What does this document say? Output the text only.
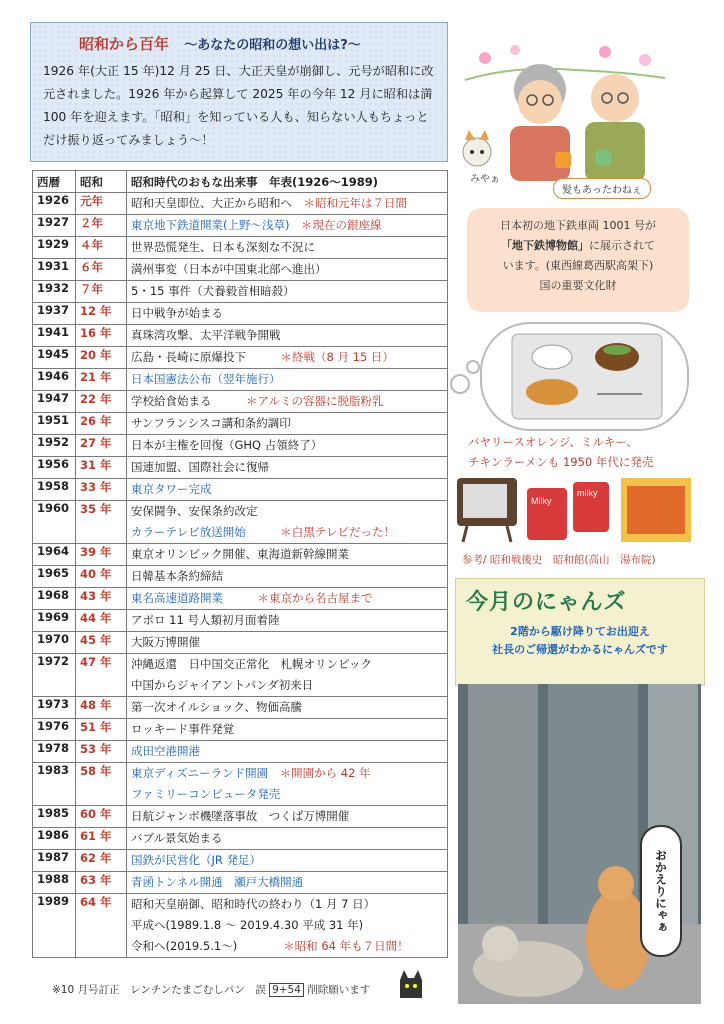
昭和から百年 ～あなたの昭和の想い出は?～
1926 年(大正 15 年)12 月 25 日、大正天皇が崩御し、元号が昭和に改元されました。1926 年から起算して 2025 年の今年 12 月に昭和は満 100 年を迎えます。「昭和」を知っている人も、知らない人もちょっとだけ振り返ってみましょう～！
みやぁ
髪もあったわねぇ
西暦	昭和	昭和時代のおもな出来事　年表(1926～1989)
1926	元年	昭和天皇即位、大正から昭和へ　＊昭和元年は７日間

1927	２年	東京地下鉄道開業(上野～浅草)　＊現在の銀座線

1929	４年	世界恐慌発生、日本も深刻な不況に

1931	６年	満州事変（日本が中国東北部へ進出）

1932	７年	5・15 事件（犬養毅首相暗殺）

1937	12 年	日中戦争が始まる

1941	16 年	真珠湾攻撃、太平洋戦争開戦

1945	20 年	広島・長崎に原爆投下　　　＊終戦（8 月 15 日）

1946	21 年	日本国憲法公布（翌年施行）

1947	22 年	学校給食始まる　　　＊アルミの容器に脱脂粉乳

1951	26 年	サンフランシスコ講和条約調印

1952	27 年	日本が主権を回復（GHQ 占領終了）

1956	31 年	国連加盟、国際社会に復帰

1958	33 年	東京タワー完成

1960	35 年	安保闘争、安保条約改定
カラーテレビ放送開始　　　＊白黒テレビだった！

1964	39 年	東京オリンピック開催、東海道新幹線開業

1965	40 年	日韓基本条約締結

1968	43 年	東名高速道路開業　　　＊東京から名古屋まで

1969	44 年	アポロ 11 号人類初月面着陸

1970	45 年	大阪万博開催

1972	47 年	沖縄返還　日中国交正常化　札幌オリンピック
中国からジャイアントパンダ初来日

1973	48 年	第一次オイルショック、物価高騰

1976	51 年	ロッキード事件発覚

1978	53 年	成田空港開港

1983	58 年	東京ディズニーランド開園　＊開園から 42 年
ファミリーコンピュータ発売

1985	60 年	日航ジャンボ機墜落事故　つくば万博開催

1986	61 年	バブル景気始まる

1987	62 年	国鉄が民営化（JR 発足）

1988	63 年	青函トンネル開通　瀬戸大橋開通

1989	64 年	昭和天皇崩御、昭和時代の終わり（1 月 7 日）
平成へ(1989.1.8 ～ 2019.4.30 平成 31 年)
令和へ(2019.5.1～)　　　　＊昭和 64 年も７日間！
日本初の地下鉄車両 1001 号が
「地下鉄博物館」に展示されて
います。(東西線葛西駅高架下)
国の重要文化財
バヤリースオレンジ、ミルキー、
チキンラーメンも 1950 年代に発売
Milky
milky
参考/ 昭和戦後史　昭和館(高山　湯布院)
今月のにゃんズ
2階から駆け降りてお出迎え
社長のご帰還がわかるにゃんズです
おかえりにゃぁ
※10 月号訂正　レンチンたまごむしパン　誤 9+54 削除願います
